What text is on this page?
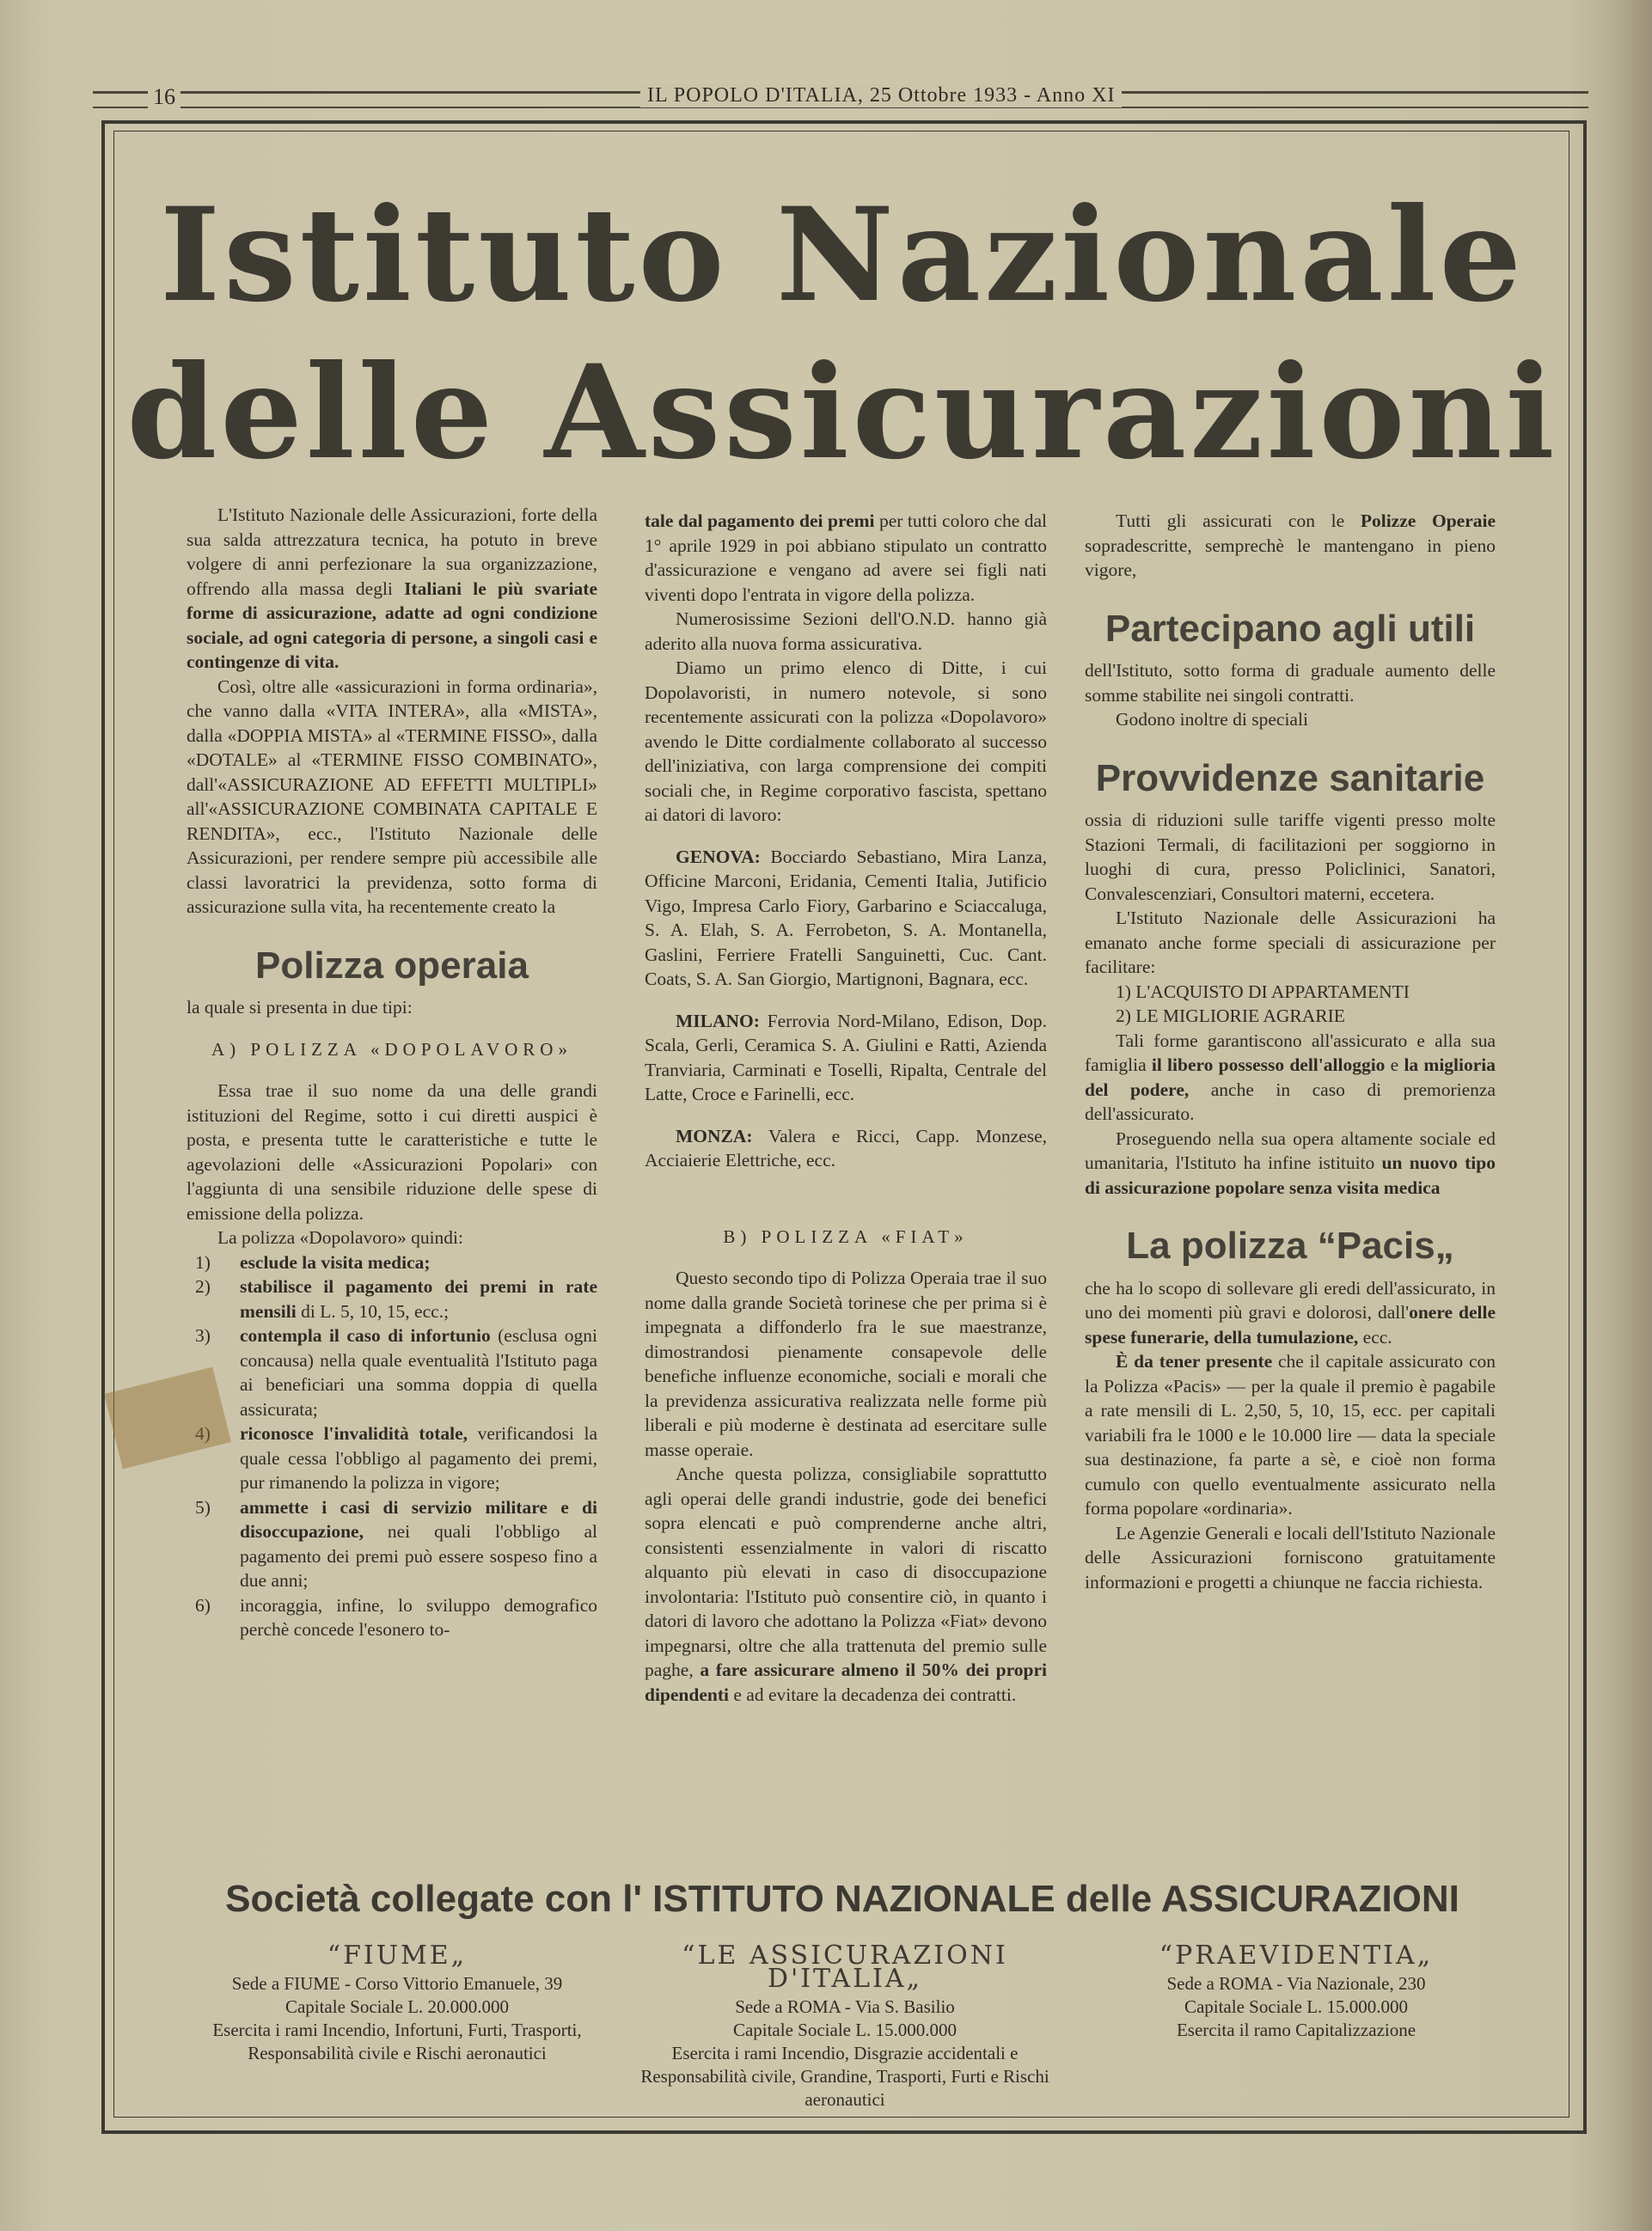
16	IL POPOLO D'ITALIA, 25 Ottobre 1933 - Anno XI
Istituto Nazionale
delle Assicurazioni

L'Istituto Nazionale delle Assicurazioni, forte della sua salda attrezzatura tecnica, ha potuto in breve volgere di anni perfezionare la sua organizzazione, offrendo alla massa degli Italiani le più svariate forme di assicurazione, adatte ad ogni condizione sociale, ad ogni categoria di persone, a singoli casi e contingenze di vita.

Così, oltre alle «assicurazioni in forma ordinaria», che vanno dalla «VITA INTERA», alla «MISTA», dalla «DOPPIA MISTA» al «TERMINE FISSO», dalla «DOTALE» al «TERMINE FISSO COMBINATO», dall'«ASSICURAZIONE AD EFFETTI MULTIPLI» all'«ASSICURAZIONE COMBINATA CAPITALE E RENDITA», ecc., l'Istituto Nazionale delle Assicurazioni, per rendere sempre più accessibile alle classi lavoratrici la previdenza, sotto forma di assicurazione sulla vita, ha recentemente creato la

Polizza operaia

la quale si presenta in due tipi:

A) POLIZZA «DOPOLAVORO»

Essa trae il suo nome da una delle grandi istituzioni del Regime, sotto i cui diretti auspici è posta, e presenta tutte le caratteristiche e tutte le agevolazioni delle «Assicurazioni Popolari» con l'aggiunta di una sensibile riduzione delle spese di emissione della polizza.

La polizza «Dopolavoro» quindi:

1) esclude la visita medica;
2) stabilisce il pagamento dei premi in rate mensili di L. 5, 10, 15, ecc.;
3) contempla il caso di infortunio (esclusa ogni concausa) nella quale eventualità l'Istituto paga ai beneficiari una somma doppia di quella assicurata;
4) riconosce l'invalidità totale, verificandosi la quale cessa l'obbligo al pagamento dei premi, pur rimanendo la polizza in vigore;
5) ammette i casi di servizio militare e di disoccupazione, nei quali l'obbligo al pagamento dei premi può essere sospeso fino a due anni;
6) incoraggia, infine, lo sviluppo demografico perchè concede l'esonero to-

tale dal pagamento dei premi per tutti coloro che dal 1° aprile 1929 in poi abbiano stipulato un contratto d'assicurazione e vengano ad avere sei figli nati viventi dopo l'entrata in vigore della polizza.

Numerosissime Sezioni dell'O.N.D. hanno già aderito alla nuova forma assicurativa.

Diamo un primo elenco di Ditte, i cui Dopolavoristi, in numero notevole, si sono recentemente assicurati con la polizza «Dopolavoro» avendo le Ditte cordialmente collaborato al successo dell'iniziativa, con larga comprensione dei compiti sociali che, in Regime corporativo fascista, spettano ai datori di lavoro:

GENOVA: Bocciardo Sebastiano, Mira Lanza, Officine Marconi, Eridania, Cementi Italia, Jutificio Vigo, Impresa Carlo Fiory, Garbarino e Sciaccaluga, S. A. Elah, S. A. Ferrobeton, S. A. Montanella, Gaslini, Ferriere Fratelli Sanguinetti, Cuc. Cant. Coats, S. A. San Giorgio, Martignoni, Bagnara, ecc.

MILANO: Ferrovia Nord-Milano, Edison, Dop. Scala, Gerli, Ceramica S. A. Giulini e Ratti, Azienda Tranviaria, Carminati e Toselli, Ripalta, Centrale del Latte, Croce e Farinelli, ecc.

MONZA: Valera e Ricci, Capp. Monzese, Acciaierie Elettriche, ecc.

B) POLIZZA «FIAT»

Questo secondo tipo di Polizza Operaia trae il suo nome dalla grande Società torinese che per prima si è impegnata a diffonderlo fra le sue maestranze, dimostrandosi pienamente consapevole delle benefiche influenze economiche, sociali e morali che la previdenza assicurativa realizzata nelle forme più liberali e più moderne è destinata ad esercitare sulle masse operaie.

Anche questa polizza, consigliabile soprattutto agli operai delle grandi industrie, gode dei benefici sopra elencati e può comprenderne anche altri, consistenti essenzialmente in valori di riscatto alquanto più elevati in caso di disoccupazione involontaria: l'Istituto può consentire ciò, in quanto i datori di lavoro che adottano la Polizza «Fiat» devono impegnarsi, oltre che alla trattenuta del premio sulle paghe, a fare assicurare almeno il 50% dei propri dipendenti e ad evitare la decadenza dei contratti.

Tutti gli assicurati con le Polizze Operaie sopradescritte, semprechè le mantengano in pieno vigore,

Partecipano agli utili

dell'Istituto, sotto forma di graduale aumento delle somme stabilite nei singoli contratti.

Godono inoltre di speciali

Provvidenze sanitarie

ossia di riduzioni sulle tariffe vigenti presso molte Stazioni Termali, di facilitazioni per soggiorno in luoghi di cura, presso Policlinici, Sanatori, Convalescenziari, Consultori materni, eccetera.

L'Istituto Nazionale delle Assicurazioni ha emanato anche forme speciali di assicurazione per facilitare:

1) L'ACQUISTO DI APPARTAMENTI

2) LE MIGLIORIE AGRARIE

Tali forme garantiscono all'assicurato e alla sua famiglia il libero possesso dell'alloggio e la miglioria del podere, anche in caso di premorienza dell'assicurato.

Proseguendo nella sua opera altamente sociale ed umanitaria, l'Istituto ha infine istituito un nuovo tipo di assicurazione popolare senza visita medica

La polizza “Pacis„

che ha lo scopo di sollevare gli eredi dell'assicurato, in uno dei momenti più gravi e dolorosi, dall'onere delle spese funerarie, della tumulazione, ecc.

È da tener presente che il capitale assicurato con la Polizza «Pacis» — per la quale il premio è pagabile a rate mensili di L. 2,50, 5, 10, 15, ecc. per capitali variabili fra le 1000 e le 10.000 lire — data la speciale sua destinazione, fa parte a sè, e cioè non forma cumulo con quello eventualmente assicurato nella forma popolare «ordinaria».

Le Agenzie Generali e locali dell'Istituto Nazionale delle Assicurazioni forniscono gratuitamente informazioni e progetti a chiunque ne faccia richiesta.

Società collegate con l' ISTITUTO NAZIONALE delle ASSICURAZIONI
“FIUME„
Sede a FIUME - Corso Vittorio Emanuele, 39
Capitale Sociale L. 20.000.000
Esercita i rami Incendio, Infortuni, Furti, Trasporti, Responsabilità civile e Rischi aeronautici
“LE ASSICURAZIONI D'ITALIA„
Sede a ROMA - Via S. Basilio
Capitale Sociale L. 15.000.000
Esercita i rami Incendio, Disgrazie accidentali e Responsabilità civile, Grandine, Trasporti, Furti e Rischi aeronautici
“PRAEVIDENTIA„
Sede a ROMA - Via Nazionale, 230
Capitale Sociale L. 15.000.000
Esercita il ramo Capitalizzazione
